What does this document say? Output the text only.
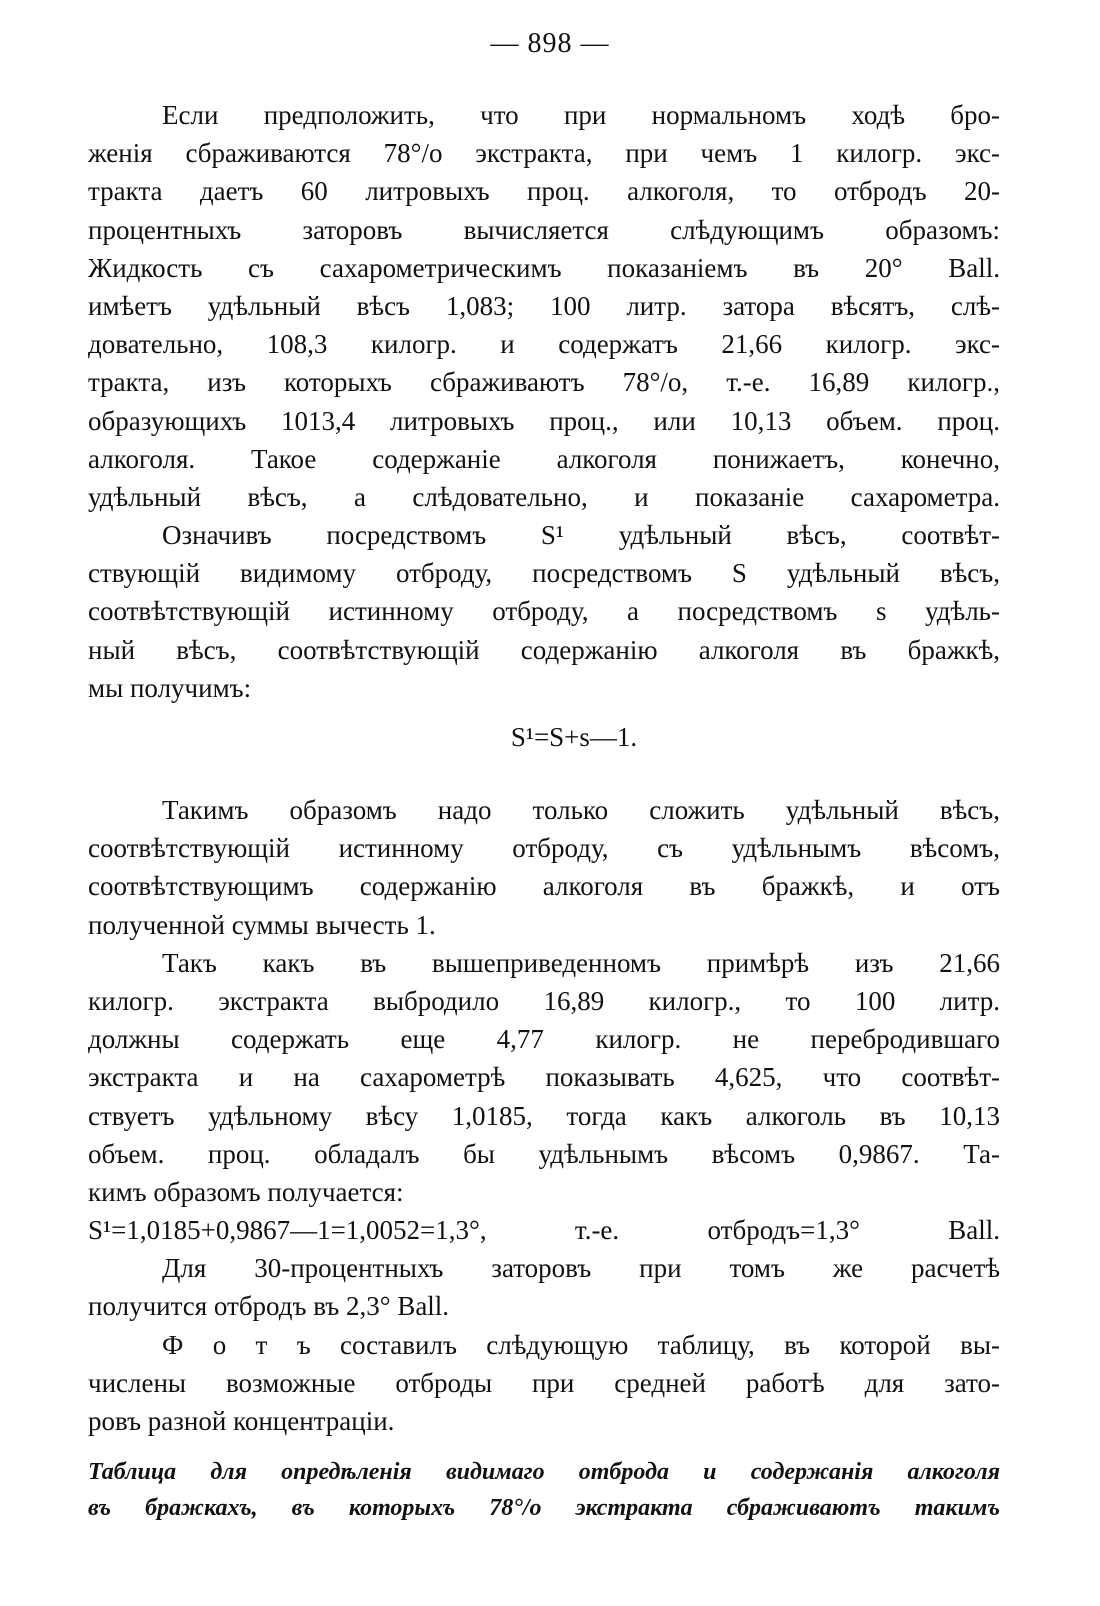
— 898 —
Если предположить, что при нормальномъ ходѣ бро-
женія сбраживаются 78°/о экстракта, при чемъ 1 килогр. экс-
тракта даетъ 60 литровыхъ проц. алкоголя, то отбродъ 20-
процентныхъ заторовъ вычисляется слѣдующимъ образомъ:
Жидкость съ сахарометрическимъ показаніемъ въ 20° Ball.
имѣетъ удѣльный вѣсъ 1,083; 100 литр. затора вѣсятъ, слѣ-
довательно, 108,3 килогр. и содержатъ 21,66 килогр. экс-
тракта, изъ которыхъ сбраживаютъ 78°/о, т.-е. 16,89 килогр.,
образующихъ 1013,4 литровыхъ проц., или 10,13 объем. проц.
алкоголя. Такое содержаніе алкоголя понижаетъ, конечно,
удѣльный вѣсъ, а слѣдовательно, и показаніе сахарометра.
Означивъ посредствомъ S¹ удѣльный вѣсъ, соотвѣт-
ствующій видимому отброду, посредствомъ S удѣльный вѣсъ,
соотвѣтствующій истинному отброду, а посредствомъ s удѣль-
ный вѣсъ, соотвѣтствующій содержанію алкоголя въ бражкѣ,
мы получимъ:
S¹=S+s—1.
Такимъ образомъ надо только сложить удѣльный вѣсъ,
соотвѣтствующій истинному отброду, съ удѣльнымъ вѣсомъ,
соотвѣтствующимъ содержанію алкоголя въ бражкѣ, и отъ
полученной суммы вычесть 1.
Такъ какъ въ вышеприведенномъ примѣрѣ изъ 21,66
килогр. экстракта выбродило 16,89 килогр., то 100 литр.
должны содержать еще 4,77 килогр. не перебродившаго
экстракта и на сахарометрѣ показывать 4,625, что соотвѣт-
ствуетъ удѣльному вѣсу 1,0185, тогда какъ алкоголь въ 10,13
объем. проц. обладалъ бы удѣльнымъ вѣсомъ 0,9867. Та-
кимъ образомъ получается:
S¹=1,0185+0,9867—1=1,0052=1,3°, т.-е. отбродъ=1,3° Ball.
Для 30-процентныхъ заторовъ при томъ же расчетѣ
получится отбродъ въ 2,3° Ball.
Ф о т ъ составилъ слѣдующую таблицу, въ которой вы-
числены возможные отброды при средней работѣ для зато-
ровъ разной концентраціи.
Таблица для опредѣленія видимаго отброда и содержанія алкоголя
въ бражкахъ, въ которыхъ 78°/о экстракта сбраживаютъ такимъ
